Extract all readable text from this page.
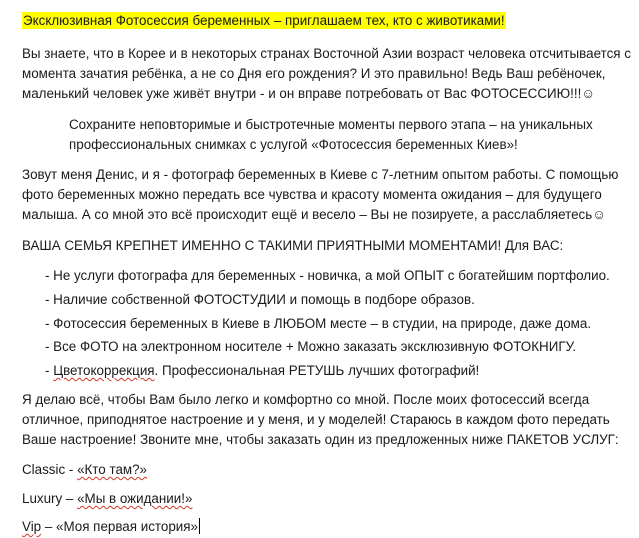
Эксклюзивная Фотосессия беременных – приглашаем тех, кто с животиками!

Вы знаете, что в Корее и в некоторых странах Восточной Азии возраст человека отсчитывается с

момента зачатия ребёнка, а не со Дня его рождения? И это правильно! Ведь Ваш ребёночек,

маленький человек уже живёт внутри - и он вправе потребовать от Вас ФОТОСЕССИЮ!!!☺

Сохраните неповторимые и быстротечные моменты первого этапа – на уникальных

профессиональных снимках с услугой «Фотосессия беременных Киев»!

Зовут меня Денис, и я - фотограф беременных в Киеве с 7-летним опытом работы. С помощью

фото беременных можно передать все чувства и красоту момента ожидания – для будущего

малыша. А со мной это всё происходит ещё и весело – Вы не позируете, а расслабляетесь☺

ВАША СЕМЬЯ КРЕПНЕТ ИМЕННО С ТАКИМИ ПРИЯТНЫМИ МОМЕНТАМИ! Для ВАС:

- Не услуги фотографа для беременных - новичка, а мой ОПЫТ с богатейшим портфолио.

- Наличие собственной ФОТОСТУДИИ и помощь в подборе образов.

- Фотосессия беременных в Киеве в ЛЮБОМ месте – в студии, на природе, даже дома.

- Все ФОТО на электронном носителе + Можно заказать эксклюзивную ФОТОКНИГУ.

- Цветокоррекция. Профессиональная РЕТУШЬ лучших фотографий!

Я делаю всё, чтобы Вам было легко и комфортно со мной. После моих фотосессий всегда

отличное, приподнятое настроение и у меня, и у моделей! Стараюсь в каждом фото передать

Ваше настроение! Звоните мне, чтобы заказать один из предложенных ниже ПАКЕТОВ УСЛУГ:

Classic - «Кто там?»

Luxury – «Мы в ожидании!»

Vip – «Моя первая история»
